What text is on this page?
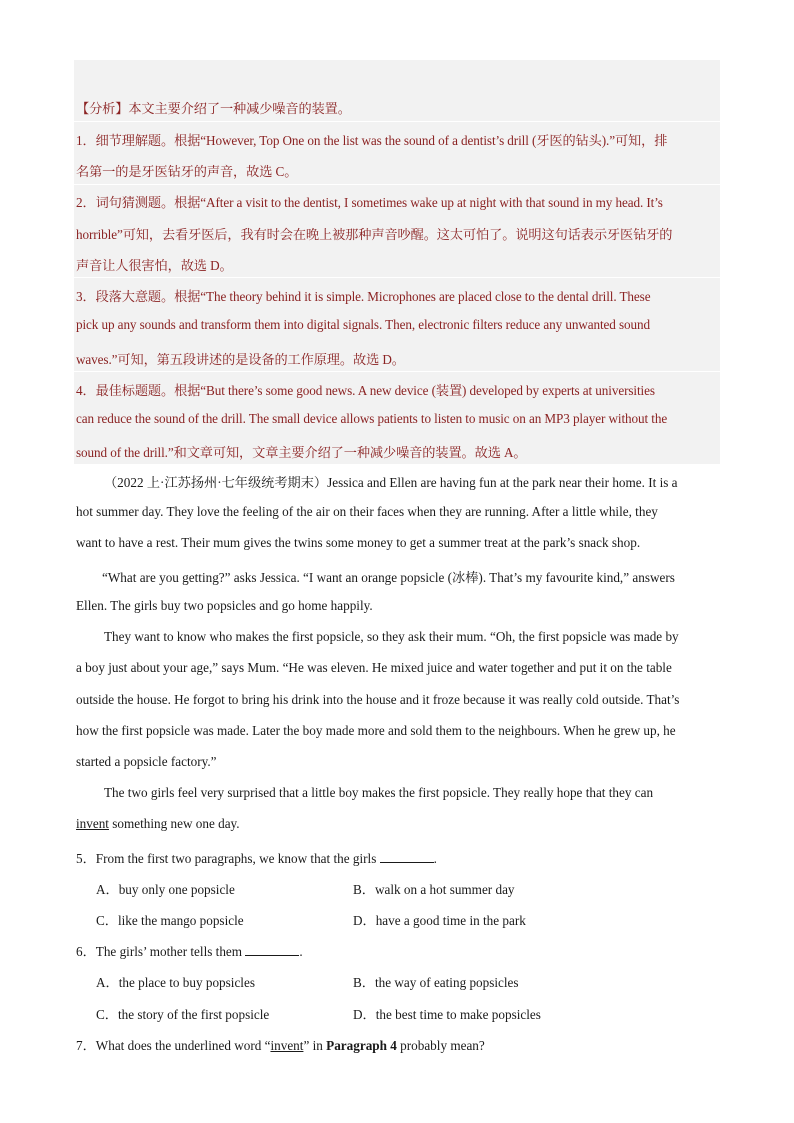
【分析】本文主要介绍了一种减少噪音的装置。
1．细节理解题。根据“However, Top One on the list was the sound of a dentist’s drill (牙医的钻头).”可知，排
名第一的是牙医钻牙的声音，故选 C。
2．词句猜测题。根据“After a visit to the dentist, I sometimes wake up at night with that sound in my head. It’s
horrible”可知，去看牙医后，我有时会在晚上被那种声音吵醒。这太可怕了。说明这句话表示牙医钻牙的
声音让人很害怕，故选 D。
3．段落大意题。根据“The theory behind it is simple. Microphones are placed close to the dental drill. These
pick up any sounds and transform them into digital signals. Then, electronic filters reduce any unwanted sound
waves.”可知，第五段讲述的是设备的工作原理。故选 D。
4．最佳标题题。根据“But there’s some good news. A new device (装置) developed by experts at universities
can reduce the sound of the drill. The small device allows patients to listen to music on an MP3 player without the
sound of the drill.”和文章可知，文章主要介绍了一种减少噪音的装置。故选 A。
（2022 上·江苏扬州·七年级统考期末）Jessica and Ellen are having fun at the park near their home. It is a
hot summer day. They love the feeling of the air on their faces when they are running. After a little while, they
want to have a rest. Their mum gives the twins some money to get a summer treat at the park’s snack shop.
“What are you getting?” asks Jessica. “I want an orange popsicle (冰棒). That’s my favourite kind,” answers
Ellen. The girls buy two popsicles and go home happily.
They want to know who makes the first popsicle, so they ask their mum. “Oh, the first popsicle was made by
a boy just about your age,” says Mum. “He was eleven. He mixed juice and water together and put it on the table
outside the house. He forgot to bring his drink into the house and it froze because it was really cold outside. That’s
how the first popsicle was made. Later the boy made more and sold them to the neighbours. When he grew up, he
started a popsicle factory.”
The two girls feel very surprised that a little boy makes the first popsicle. They really hope that they can
invent something new one day.
5．From the first two paragraphs, we know that the girls	.
A．buy only one popsicle	B．walk on a hot summer day
C．like the mango popsicle	D．have a good time in the park
6．The girls’ mother tells them	.
A．the place to buy popsicles	B．the way of eating popsicles
C．the story of the first popsicle	D．the best time to make popsicles
7．What does the underlined word “invent” in Paragraph 4 probably mean?
